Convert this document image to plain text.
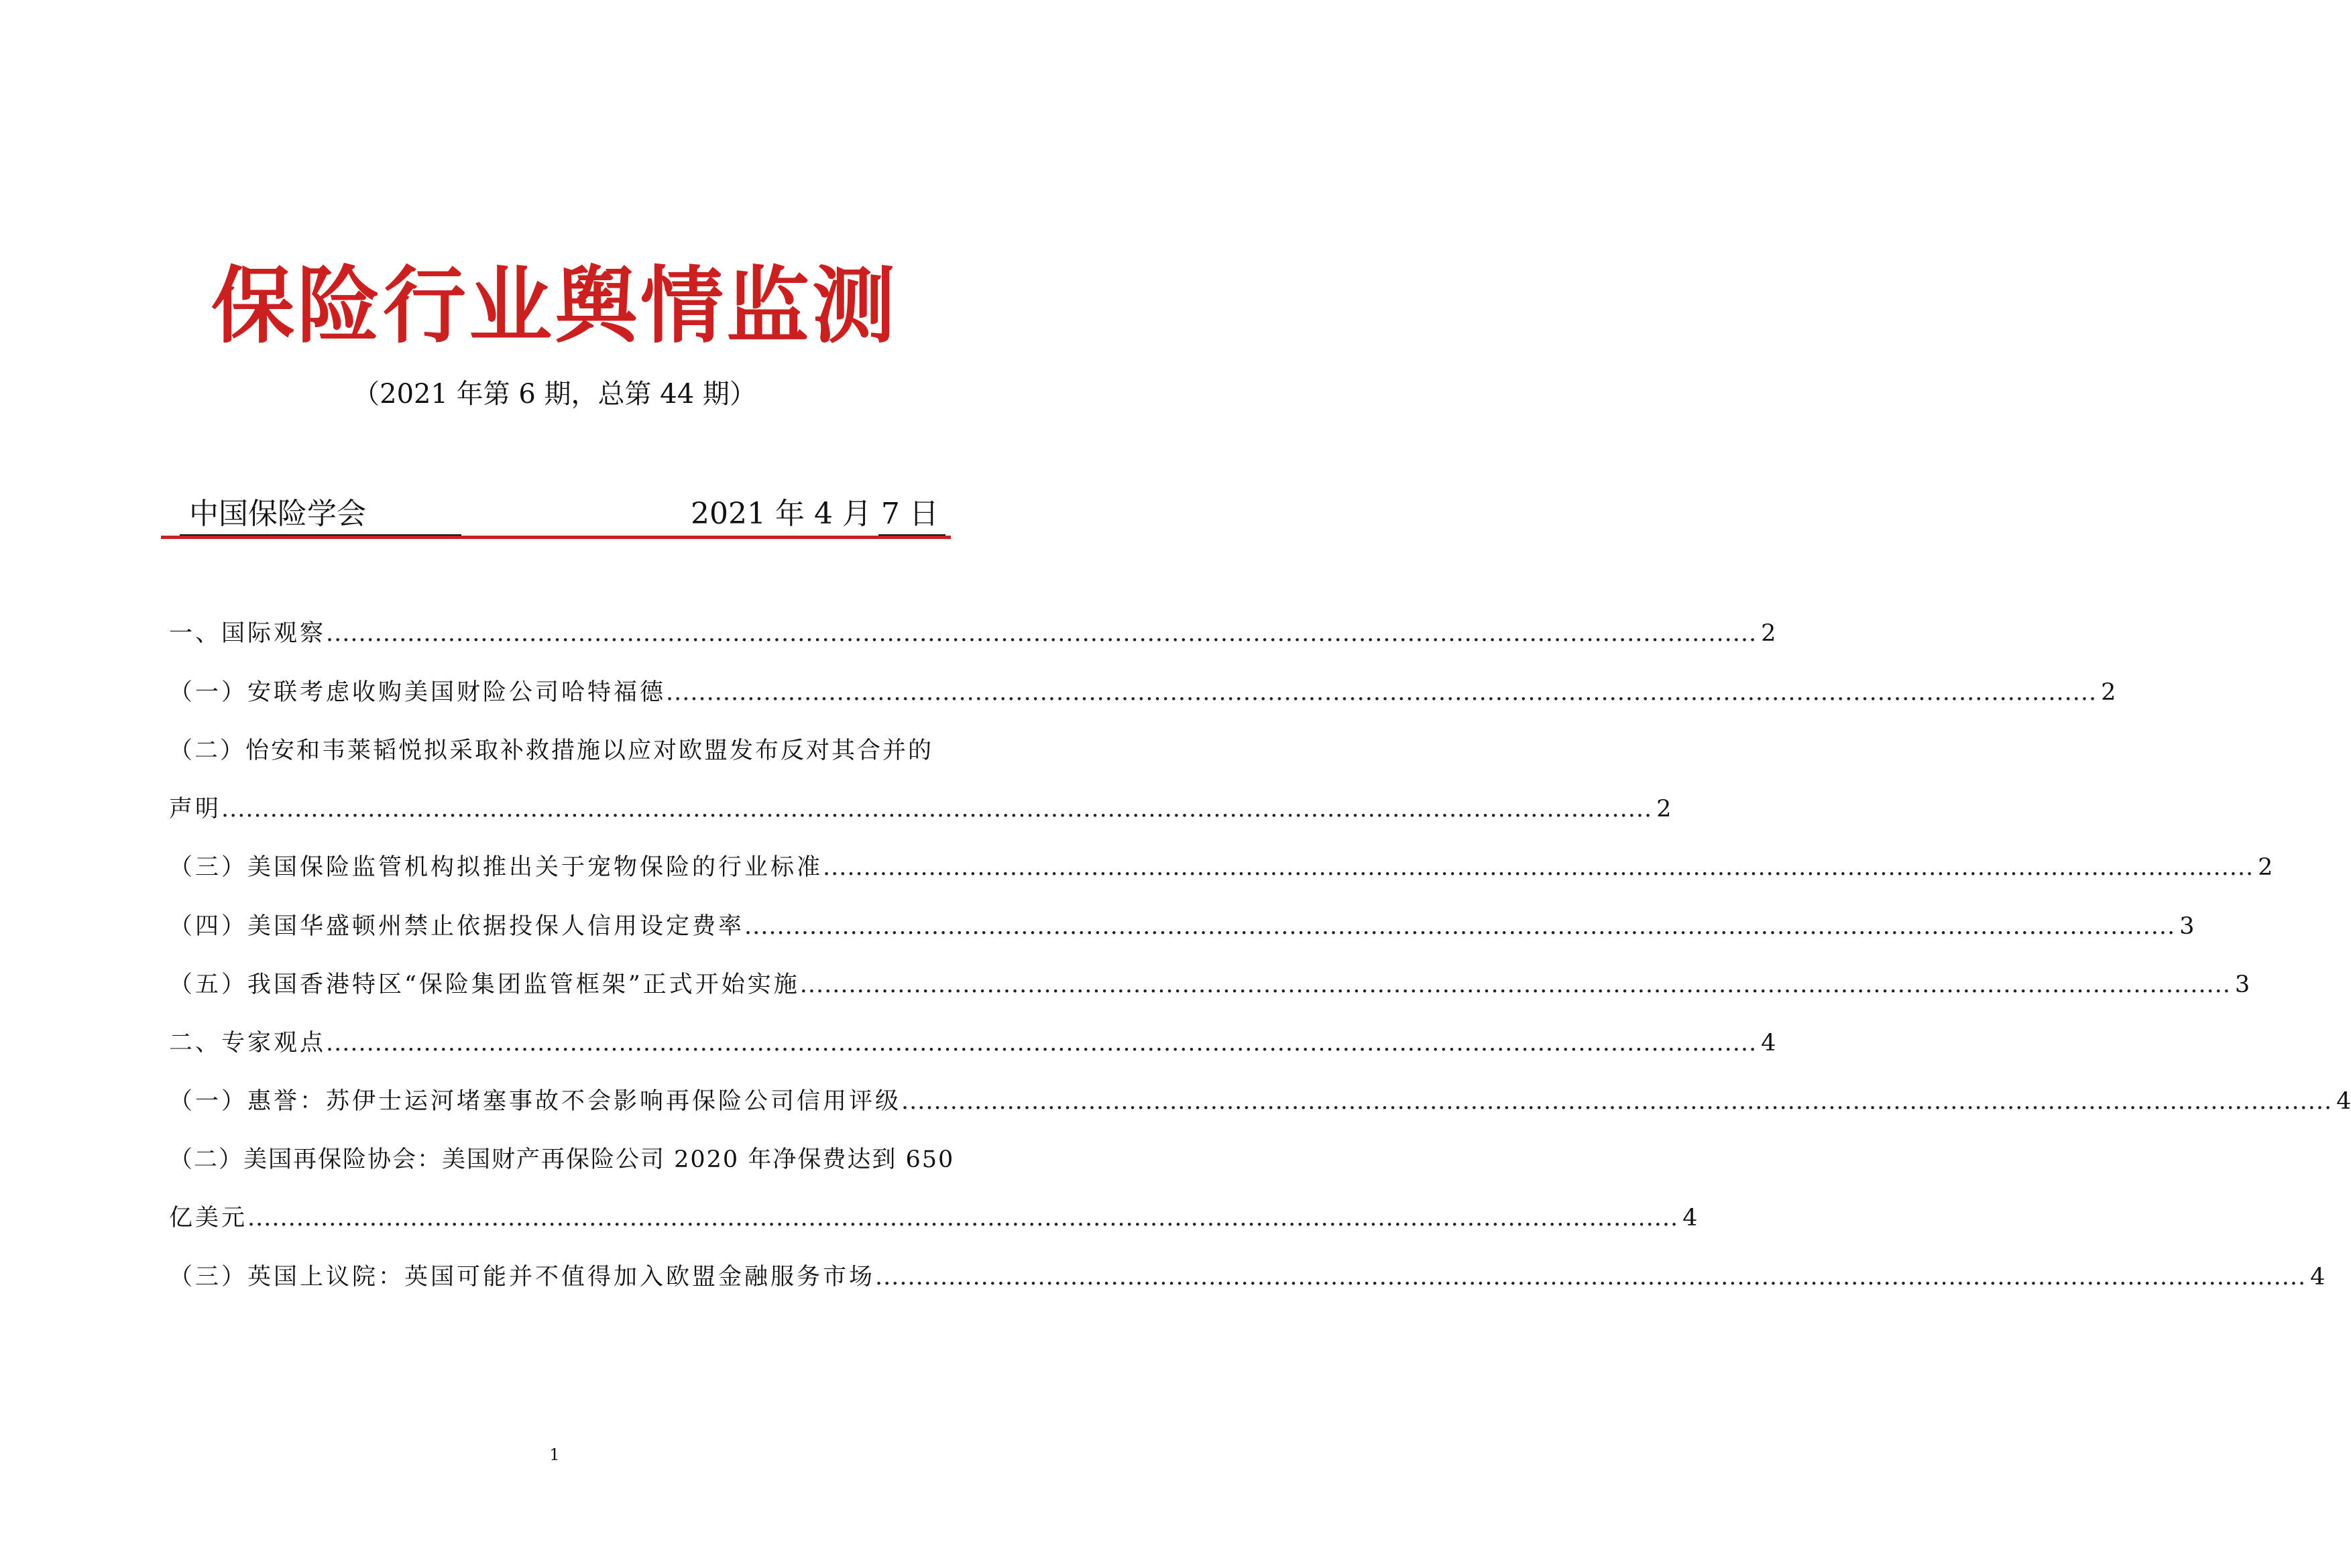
保险行业舆情监测
（2021 年第 6 期，总第 44 期）
中国保险学会	2021 年 4 月 7 日
一、国际观察 ................................................................................................................................................................................ 2
（一）安联考虑收购美国财险公司哈特福德 ................................................................................................................................................................................ 2
（二）怡安和韦莱韬悦拟采取补救措施以应对欧盟发布反对其合并的
声明 ................................................................................................................................................................................ 2
（三）美国保险监管机构拟推出关于宠物保险的行业标准 ................................................................................................................................................................................ 2
（四）美国华盛顿州禁止依据投保人信用设定费率 ................................................................................................................................................................................ 3
（五）我国香港特区“保险集团监管框架”正式开始实施 ................................................................................................................................................................................ 3
二、专家观点 ................................................................................................................................................................................ 4
（一）惠誉：苏伊士运河堵塞事故不会影响再保险公司信用评级 ................................................................................................................................................................................ 4
（二）美国再保险协会：美国财产再保险公司 2020 年净保费达到 650
亿美元 ................................................................................................................................................................................ 4
（三）英国上议院：英国可能并不值得加入欧盟金融服务市场 ................................................................................................................................................................................ 4
1
